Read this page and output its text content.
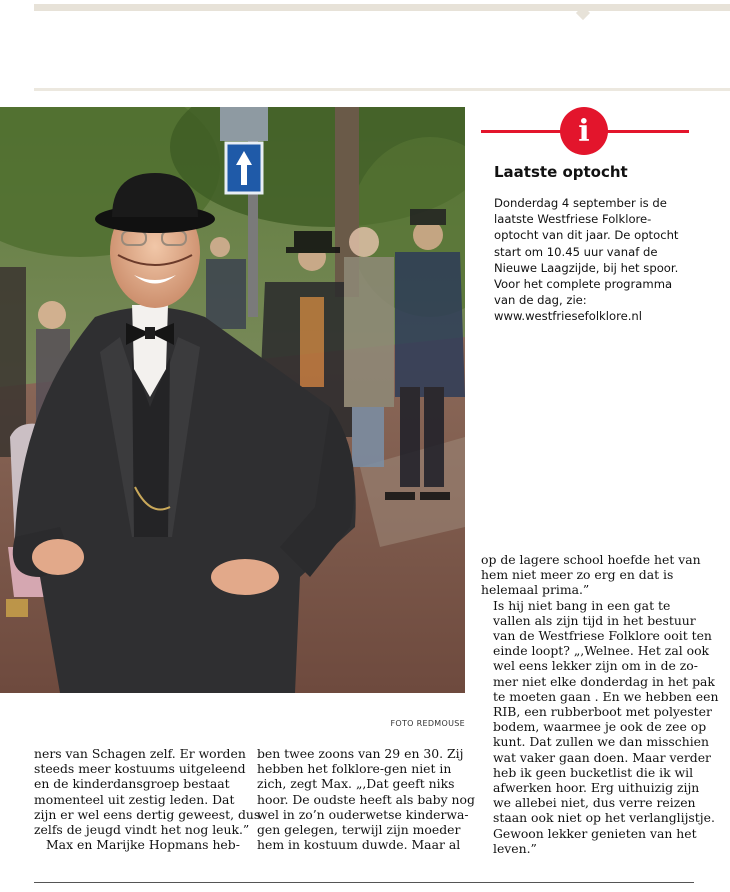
FOTO REDMOUSE
i
Laatste optocht

Donderdag 4 september is de laatste Westfriese Folklore-optocht van dit jaar. De optocht start om 10.45 uur vanaf de Nieuwe Laagzijde, bij het spoor. Voor het complete programma van de dag, zie: www.westfriesefolklore.nl

ners van Schagen zelf. Er worden
steeds meer kostuums uitgeleend
en de kinderdansgroep bestaat
momenteel uit zestig leden. Dat
zijn er wel eens dertig geweest, dus
zelfs de jeugd vindt het nog leuk.”

Max en Marijke Hopmans heb-

ben twee zoons van 29 en 30. Zij
hebben het folklore-gen niet in
zich, zegt Max. „,Dat geeft niks
hoor. De oudste heeft als baby nog
wel in zo’n ouderwetse kinderwa-
gen gelegen, terwijl zijn moeder
hem in kostuum duwde. Maar al

op de lagere school hoefde het van
hem niet meer zo erg en dat is
helemaal prima.”

Is hij niet bang in een gat te
vallen als zijn tijd in het bestuur
van de Westfriese Folklore ooit ten
einde loopt? „,Welnee. Het zal ook
wel eens lekker zijn om in de zo-
mer niet elke donderdag in het pak
te moeten gaan . En we hebben een
RIB, een rubberboot met polyester
bodem, waarmee je ook de zee op
kunt. Dat zullen we dan misschien
wat vaker gaan doen. Maar verder
heb ik geen bucketlist die ik wil
afwerken hoor. Erg uithuizig zijn
we allebei niet, dus verre reizen
staan ook niet op het verlanglijstje.
Gewoon lekker genieten van het
leven.”
